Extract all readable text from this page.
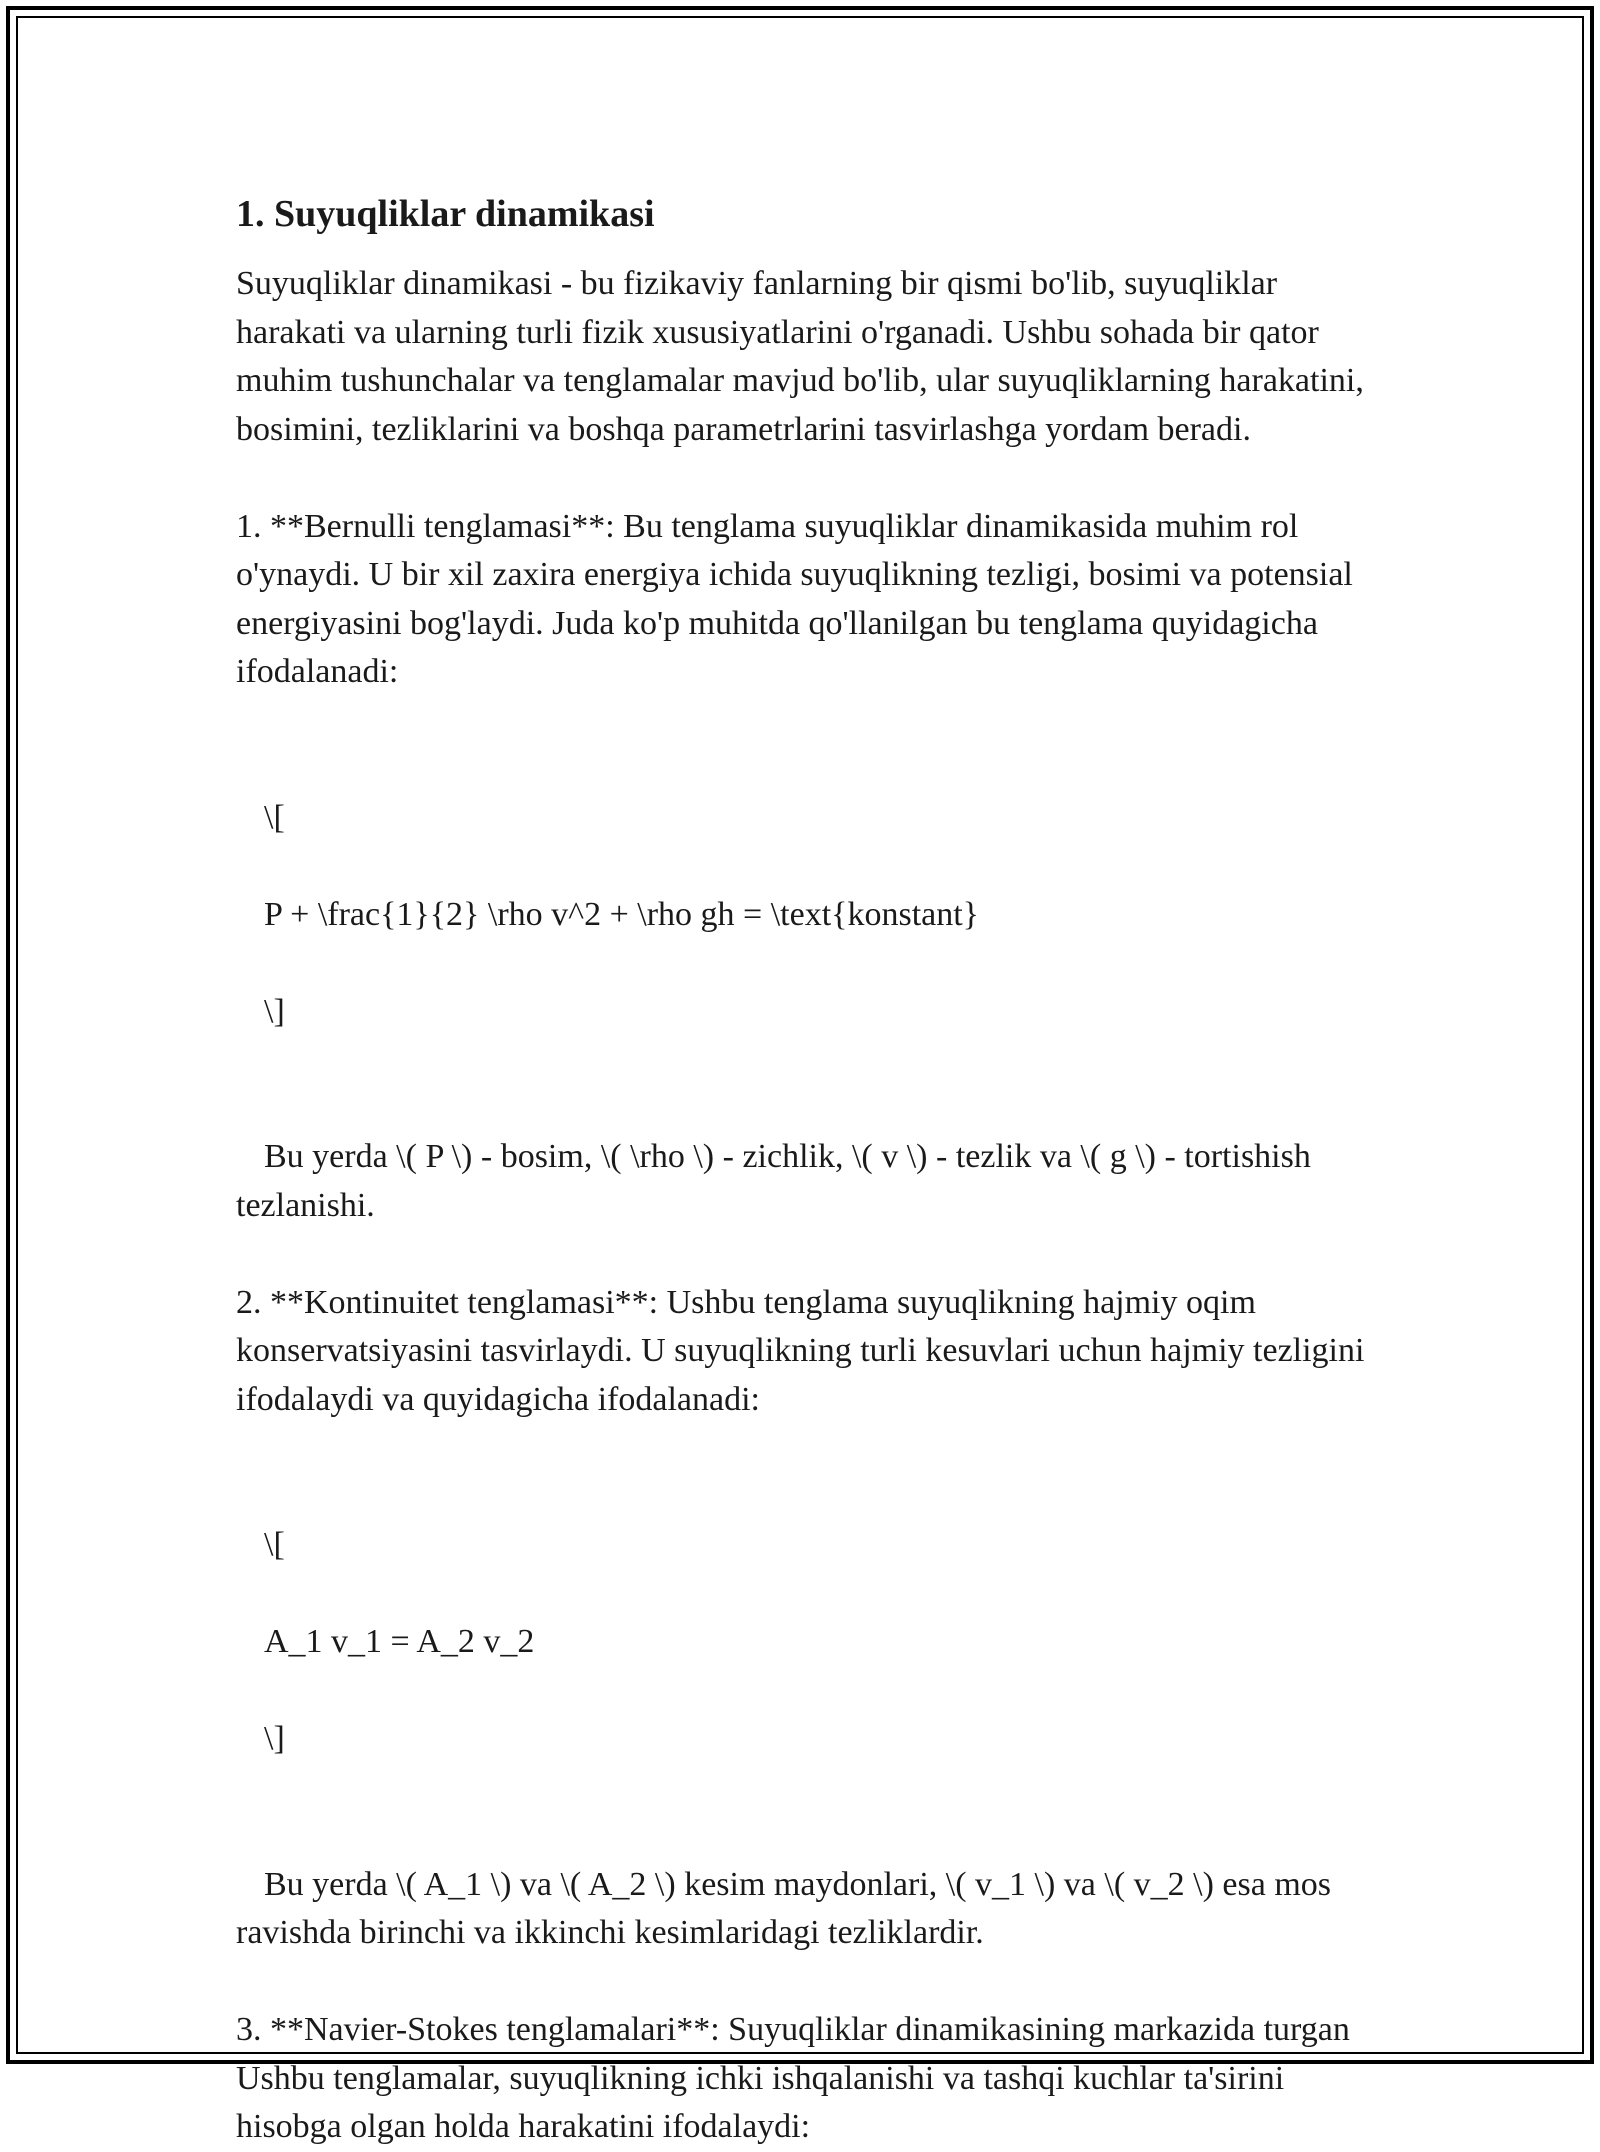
1. Suyuqliklar dinamikasi

Suyuqliklar dinamikasi - bu fizikaviy fanlarning bir qismi bo'lib, suyuqliklar harakati va ularning turli fizik xususiyatlarini o'rganadi. Ushbu sohada bir qator muhim tushunchalar va tenglamalar mavjud bo'lib, ular suyuqliklarning harakatini, bosimini, tezliklarini va boshqa parametrlarini tasvirlashga yordam beradi.

1. **Bernulli tenglamasi**: Bu tenglama suyuqliklar dinamikasida muhim rol o'ynaydi. U bir xil zaxira energiya ichida suyuqlikning tezligi, bosimi va potensial energiyasini bog'laydi. Juda ko'p muhitda qo'llanilgan bu tenglama quyidagicha ifodalanadi:

\[

P + \frac{1}{2} \rho v^2 + \rho gh = \text{konstant}

\]

Bu yerda \( P \) - bosim, \( \rho \) - zichlik, \( v \) - tezlik va \( g \) - tortishish tezlanishi.

2. **Kontinuitet tenglamasi**: Ushbu tenglama suyuqlikning hajmiy oqim konservatsiyasini tasvirlaydi. U suyuqlikning turli kesuvlari uchun hajmiy tezligini ifodalaydi va quyidagicha ifodalanadi:

\[

A_1 v_1 = A_2 v_2

\]

Bu yerda \( A_1 \) va \( A_2 \) kesim maydonlari, \( v_1 \) va \( v_2 \) esa mos ravishda birinchi va ikkinchi kesimlaridagi tezliklardir.

3. **Navier-Stokes tenglamalari**: Suyuqliklar dinamikasining markazida turgan Ushbu tenglamalar, suyuqlikning ichki ishqalanishi va tashqi kuchlar ta'sirini hisobga olgan holda harakatini ifodalaydi:
